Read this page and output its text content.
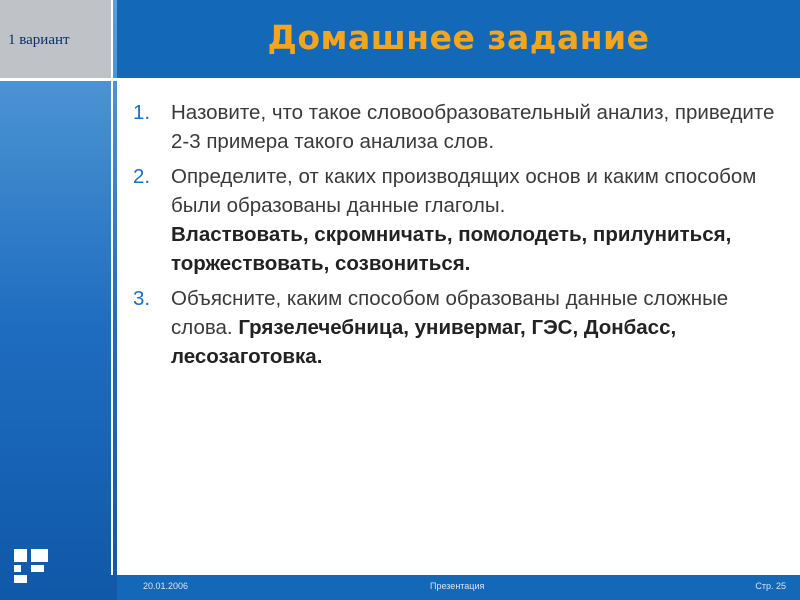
1 вариант	Домашнее задание
1. Назовите, что такое словообразовательный анализ, приведите 2-3 примера такого анализа слов.
2. Определите, от каких производящих основ и каким способом были образованы данные глаголы.
Властвовать, скромничать, помолодеть, прилуниться, торжествовать, созвониться.
3. Объясните, каким способом образованы данные сложные слова. Грязелечебница, универмаг, ГЭС, Донбасс, лесозаготовка.
20.01.2006	Презентация	Стр. 25
